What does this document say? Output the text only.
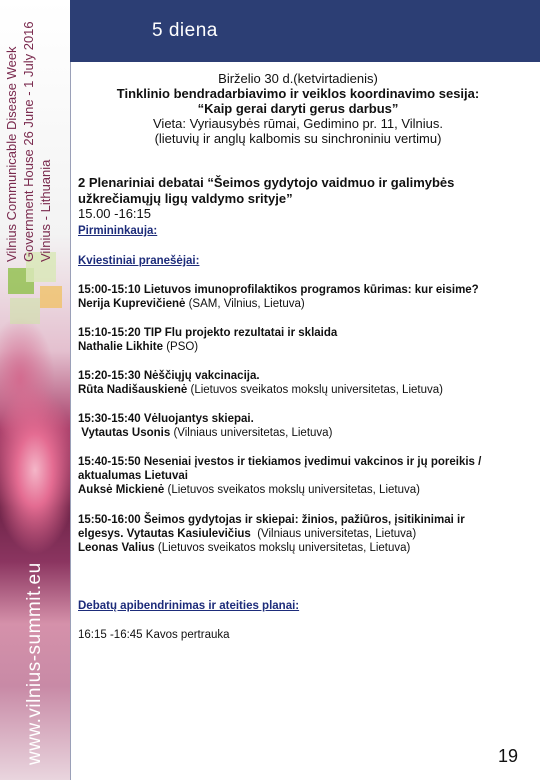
Vilnius Communicable Disease Week Government House 26 June - 1 July 2016 Vilnius - Lithuania
www.vilnius-summit.eu
5 diena
Birželio 30 d.(ketvirtadienis)
Tinklinio bendradarbiavimo ir veiklos koordinavimo sesija:
“Kaip gerai daryti gerus darbus”
Vieta: Vyriausybės rūmai, Gedimino pr. 11, Vilnius.
(lietuvių ir anglų kalbomis su sinchroniniu vertimu)
2 Plenariniai debatai “Šeimos gydytojo vaidmuo ir galimybės
užkrečiamųjų ligų valdymo srityje”
15.00 -16:15
Pirmininkauja:
Kviestiniai pranešėjai:
15:00-15:10 Lietuvos imunoprofilaktikos programos kūrimas: kur eisime?
Nerija Kuprevičienė (SAM, Vilnius, Lietuva)
15:10-15:20 TIP Flu projekto rezultatai ir sklaida
Nathalie Likhite (PSO)
15:20-15:30 Nėščiųjų vakcinacija.
Rūta Nadišauskienė (Lietuvos sveikatos mokslų universitetas, Lietuva)
15:30-15:40 Vėluojantys skiepai.
Vytautas Usonis (Vilniaus universitetas, Lietuva)
15:40-15:50 Neseniai įvestos ir tiekiamos įvedimui vakcinos ir jų poreikis /
aktualumas Lietuvai
Auksė Mickienė (Lietuvos sveikatos mokslų universitetas, Lietuva)
15:50-16:00 Šeimos gydytojas ir skiepai: žinios, pažiūros, įsitikinimai ir
elgesys. Vytautas Kasiulevičius  (Vilniaus universitetas, Lietuva)
Leonas Valius (Lietuvos sveikatos mokslų universitetas, Lietuva)
Debatų apibendrinimas ir ateities planai:
16:15 -16:45 Kavos pertrauka
19
